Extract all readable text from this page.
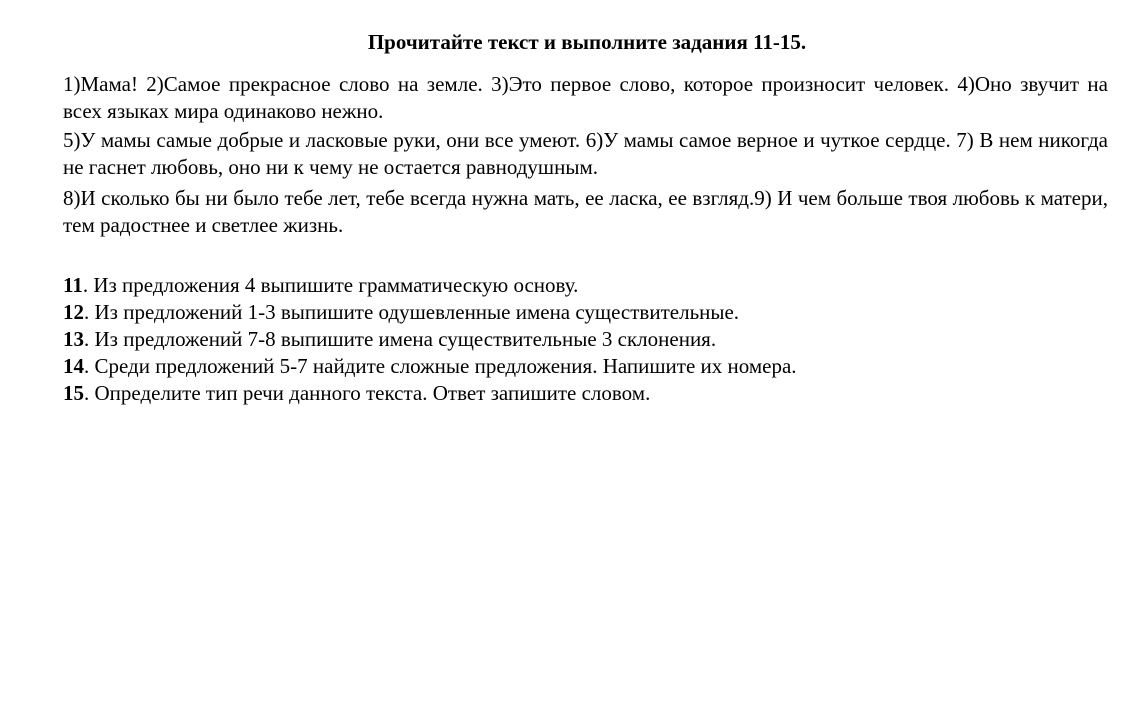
Прочитайте текст и выполните задания 11-15.
1)Мама! 2)Самое прекрасное слово на земле. 3)Это первое слово, которое произносит человек. 4)Оно звучит на всех языках мира одинаково нежно.
5)У мамы самые добрые и ласковые руки, они все умеют. 6)У мамы самое верное и чуткое сердце. 7) В нем никогда не гаснет любовь, оно ни к чему не остается равнодушным.
8)И сколько бы ни было тебе лет, тебе всегда нужна мать, ее ласка, ее взгляд.9) И чем больше твоя любовь к матери, тем радостнее и светлее жизнь.
11. Из предложения 4 выпишите грамматическую основу.
12. Из предложений 1-3 выпишите одушевленные имена существительные.
13. Из предложений 7-8 выпишите имена существительные 3 склонения.
14. Среди предложений 5-7 найдите сложные предложения. Напишите их номера.
15. Определите тип речи данного текста. Ответ запишите словом.
